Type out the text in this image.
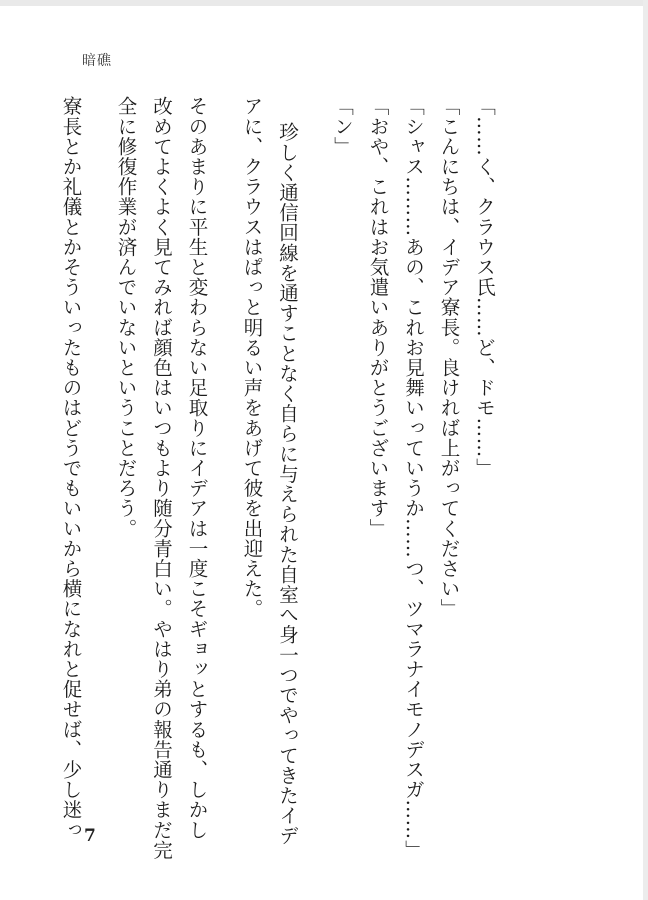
暗礁
「……く、クラウス氏……ど、ドモ……」
「こんにちは、イデア寮長。良ければ上がってください」
「シャス………あの、これお見舞いっていうか……つ、ツマラナイモノデスガ……」
「おや、これはお気遣いありがとうございます」
「ン」
珍しく通信回線を通すことなく自らに与えられた自室へ身一つでやってきたイデ
アに、クラウスはぱっと明るい声をあげて彼を出迎えた。
そのあまりに平生と変わらない足取りにイデアは一度こそギョッとするも、しかし
改めてよくよく見てみれば顔色はいつもより随分青白い。やはり弟の報告通りまだ完
全に修復作業が済んでいないということだろう。
寮長とか礼儀とかそういったものはどうでもいいから横になれと促せば、少し迷っ 7
